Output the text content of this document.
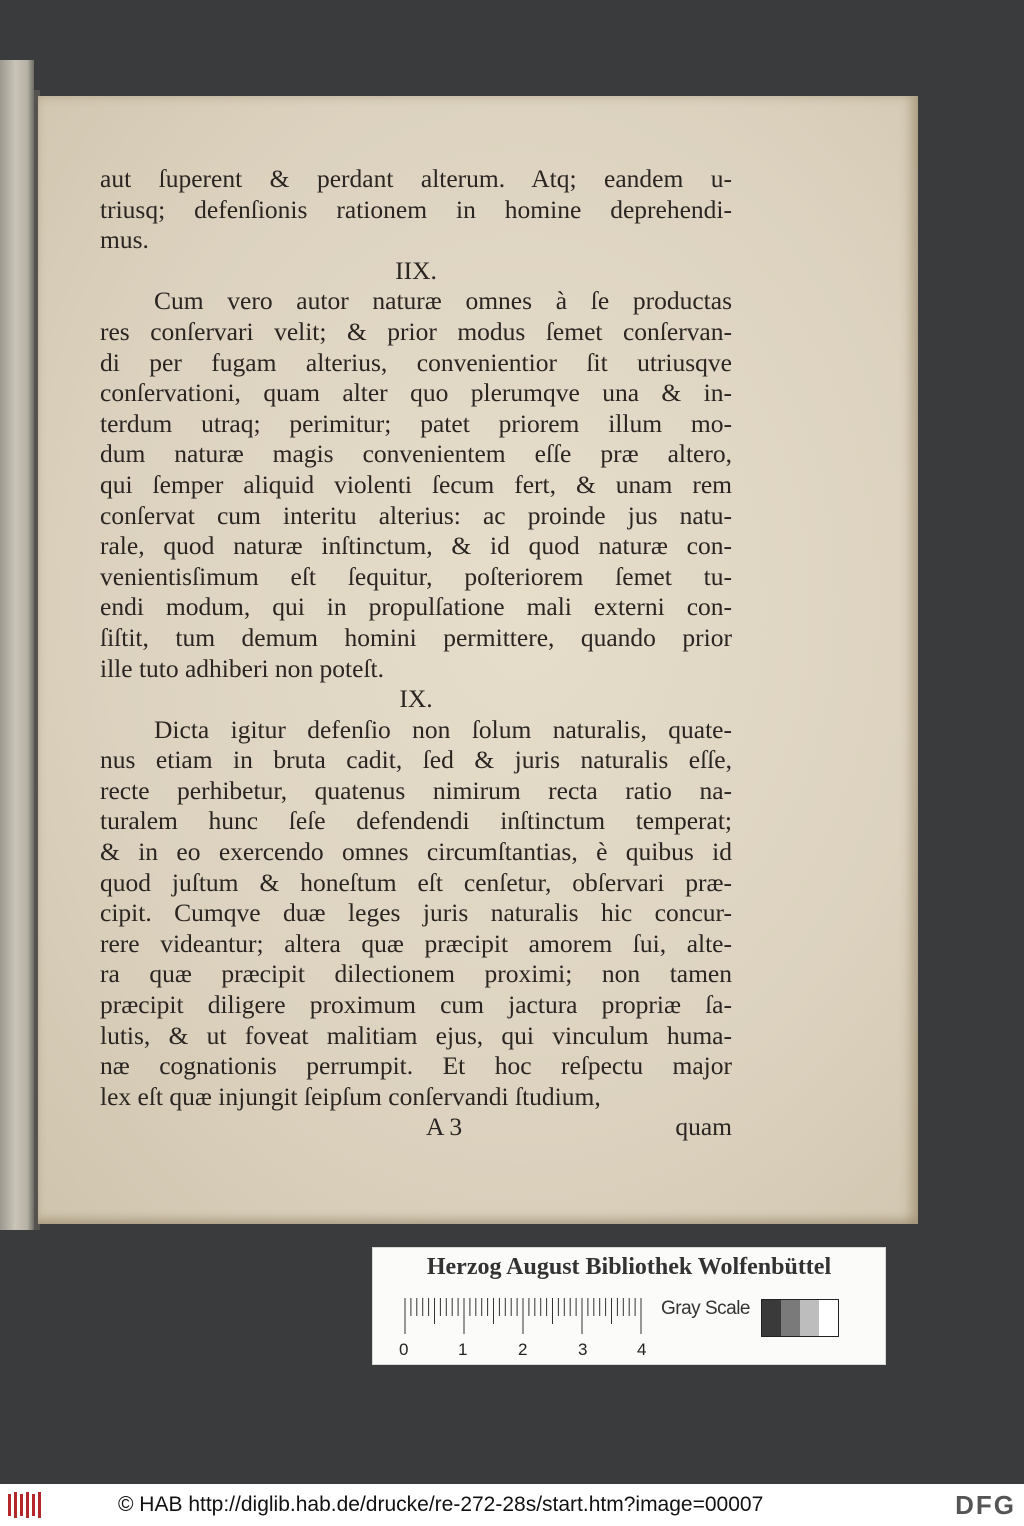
aut ſuperent & perdant alterum. Atq; eandem u-
triusq; defenſionis rationem in homine deprehendi-
mus.
IIX.
Cum vero autor naturæ omnes à ſe productas
res conſervari velit; & prior modus ſemet conſervan-
di per fugam alterius, convenientior ſit utriusqve
conſervationi, quam alter quo plerumqve una & in-
terdum utraq; perimitur; patet priorem illum mo-
dum naturæ magis convenientem eſſe præ altero,
qui ſemper aliquid violenti ſecum fert, & unam rem
conſervat cum interitu alterius: ac proinde jus natu-
rale, quod naturæ inſtinctum, & id quod naturæ con-
venientisſimum eſt ſequitur, poſteriorem ſemet tu-
endi modum, qui in propulſatione mali externi con-
ſiſtit, tum demum homini permittere, quando prior
ille tuto adhiberi non poteſt.
IX.
Dicta igitur defenſio non ſolum naturalis, quate-
nus etiam in bruta cadit, ſed & juris naturalis eſſe,
recte perhibetur, quatenus nimirum recta ratio na-
turalem hunc ſeſe defendendi inſtinctum temperat;
& in eo exercendo omnes circumſtantias, è quibus id
quod juſtum & honeſtum eſt cenſetur, obſervari præ-
cipit. Cumqve duæ leges juris naturalis hic concur-
rere videantur; altera quæ præcipit amorem ſui, alte-
ra quæ præcipit dilectionem proximi; non tamen
præcipit diligere proximum cum jactura propriæ ſa-
lutis, & ut foveat malitiam ejus, qui vinculum huma-
næ cognationis perrumpit. Et hoc reſpectu major
lex eſt quæ injungit ſeipſum conſervandi ſtudium,
A 3	quam
Herzog August Bibliothek Wolfenbüttel
0	1	2	3	4
Gray Scale
© HAB http://diglib.hab.de/drucke/re-272-28s/start.htm?image=00007	DFG
